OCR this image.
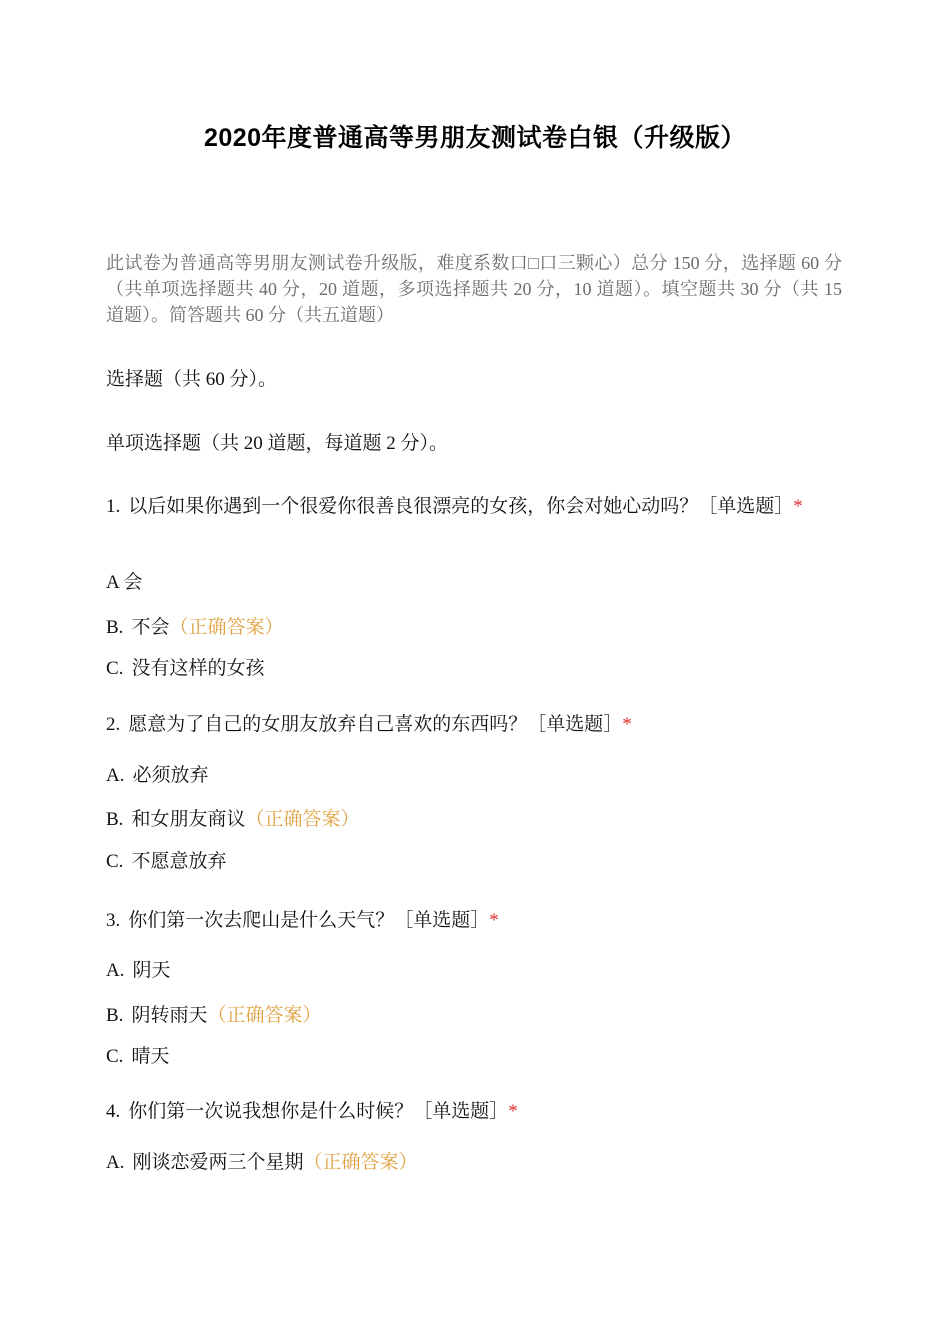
2020年度普通高等男朋友测试卷白银（升级版）
此试卷为普通高等男朋友测试卷升级版，难度系数口□口三颗心）总分 150 分，选择题 60 分（共单项选择题共 40 分，20 道题，多项选择题共 20 分，10 道题）。填空题共 30 分（共 15 道题）。简答题共 60 分（共五道题）
选择题（共 60 分）。
单项选择题（共 20 道题，每道题 2 分）。
1. 以后如果你遇到一个很爱你很善良很漂亮的女孩，你会对她心动吗？［单选题］*
A 会
B. 不会（正确答案）
C. 没有这样的女孩
2. 愿意为了自己的女朋友放弃自己喜欢的东西吗？［单选题］*
A. 必须放弃
B. 和女朋友商议（正确答案）
C. 不愿意放弃
3. 你们第一次去爬山是什么天气？［单选题］*
A. 阴天
B. 阴转雨天（正确答案）
C. 晴天
4. 你们第一次说我想你是什么时候？［单选题］*
A. 刚谈恋爱两三个星期（正确答案）
